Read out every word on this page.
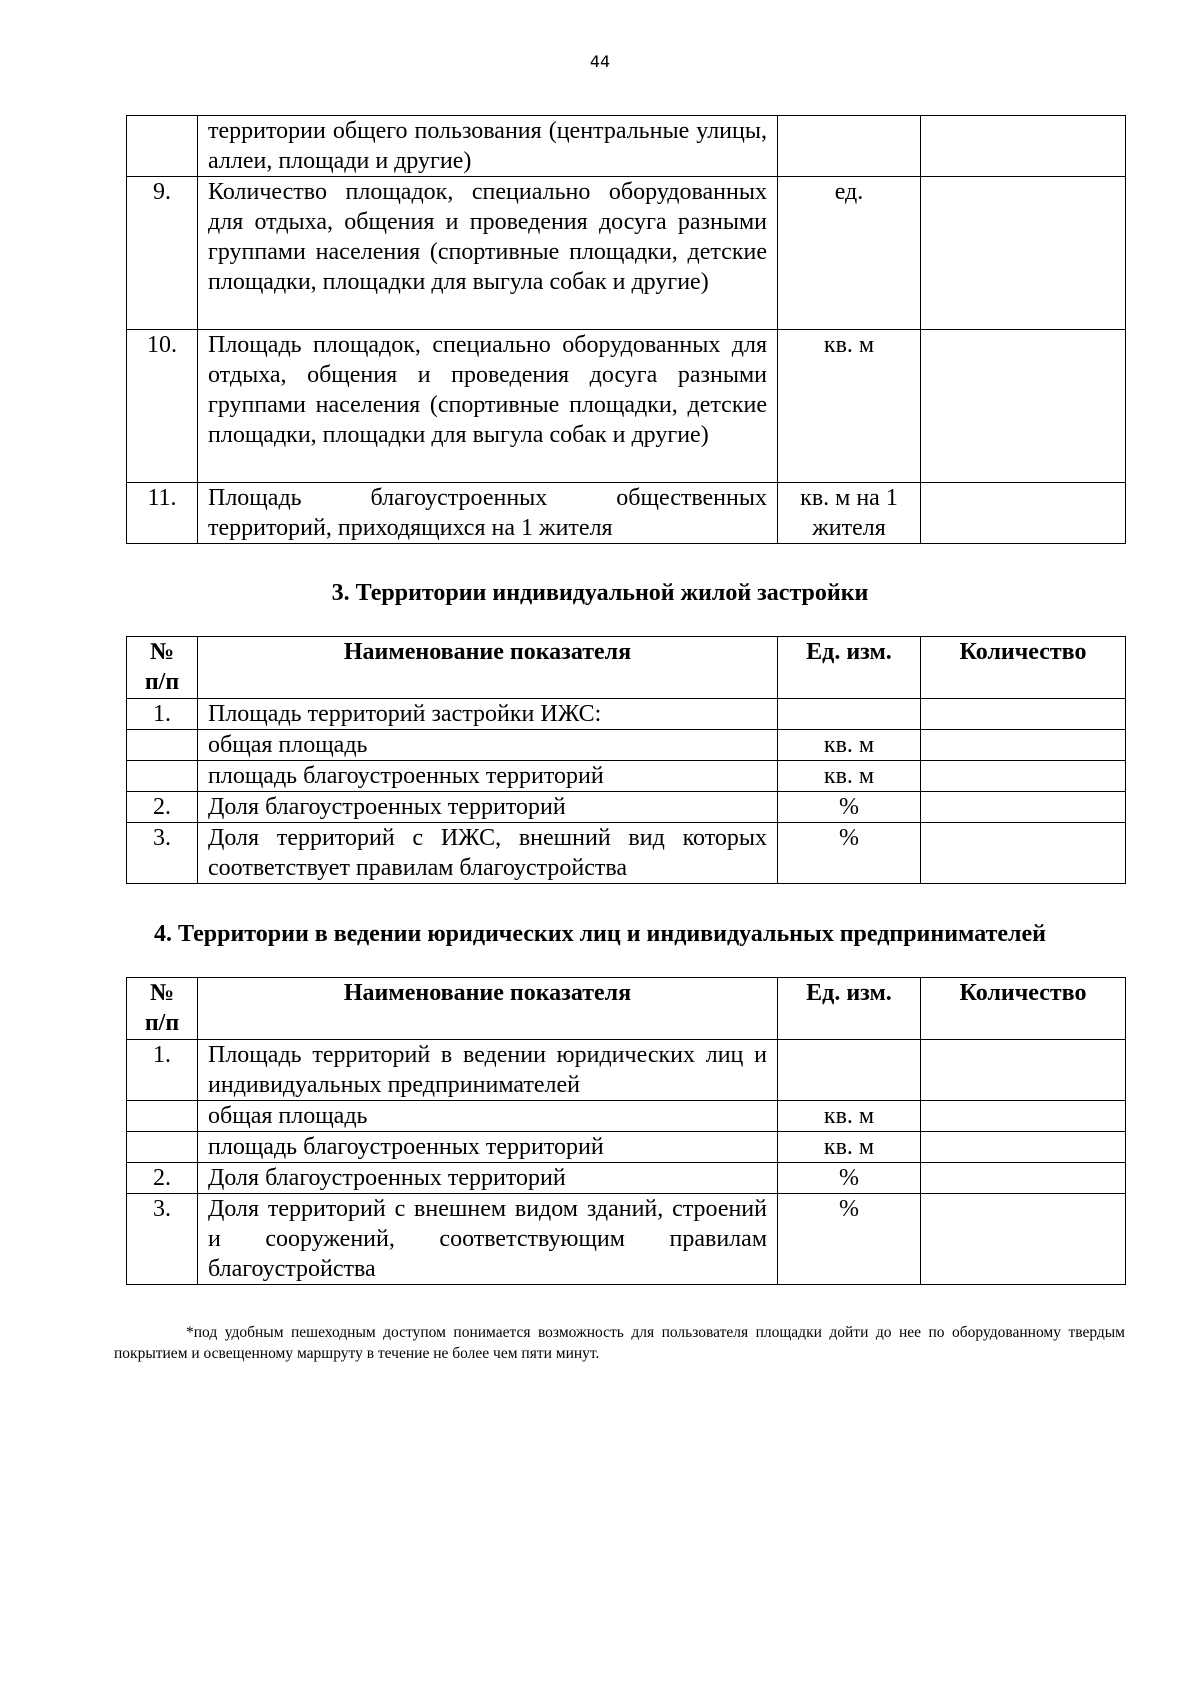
44
	территории общего пользования (центральные улицы, аллеи, площади и другие)		
9.	Количество площадок, специально оборудованных для отдыха, общения и проведения досуга разными группами населения (спортивные площадки, детские площадки, площадки для выгула собак и другие)	ед.	
10.	Площадь площадок, специально оборудованных для отдыха, общения и проведения досуга разными группами населения (спортивные площадки, детские площадки, площадки для выгула собак и другие)	кв. м	
11.	Площадь благоустроенных общественных территорий, приходящихся на 1 жителя	кв. м на 1 жителя	
3. Территории индивидуальной жилой застройки
№ п/п	Наименование показателя	Ед. изм.	Количество
1.	Площадь территорий застройки ИЖС:		
	общая площадь	кв. м	
	площадь благоустроенных территорий	кв. м	
2.	Доля благоустроенных территорий	%	
3.	Доля территорий с ИЖС, внешний вид которых соответствует правилам благоустройства	%	
4. Территории в ведении юридических лиц и индивидуальных предпринимателей
№ п/п	Наименование показателя	Ед. изм.	Количество
1.	Площадь территорий в ведении юридических лиц и индивидуальных предпринимателей		
	общая площадь	кв. м	
	площадь благоустроенных территорий	кв. м	
2.	Доля благоустроенных территорий	%	
3.	Доля территорий с внешнем видом зданий, строений и сооружений, соответствующим правилам благоустройства	%	
*под удобным пешеходным доступом понимается возможность для пользователя площадки дойти до нее по оборудованному твердым покрытием и освещенному маршруту в течение не более чем пяти минут.
